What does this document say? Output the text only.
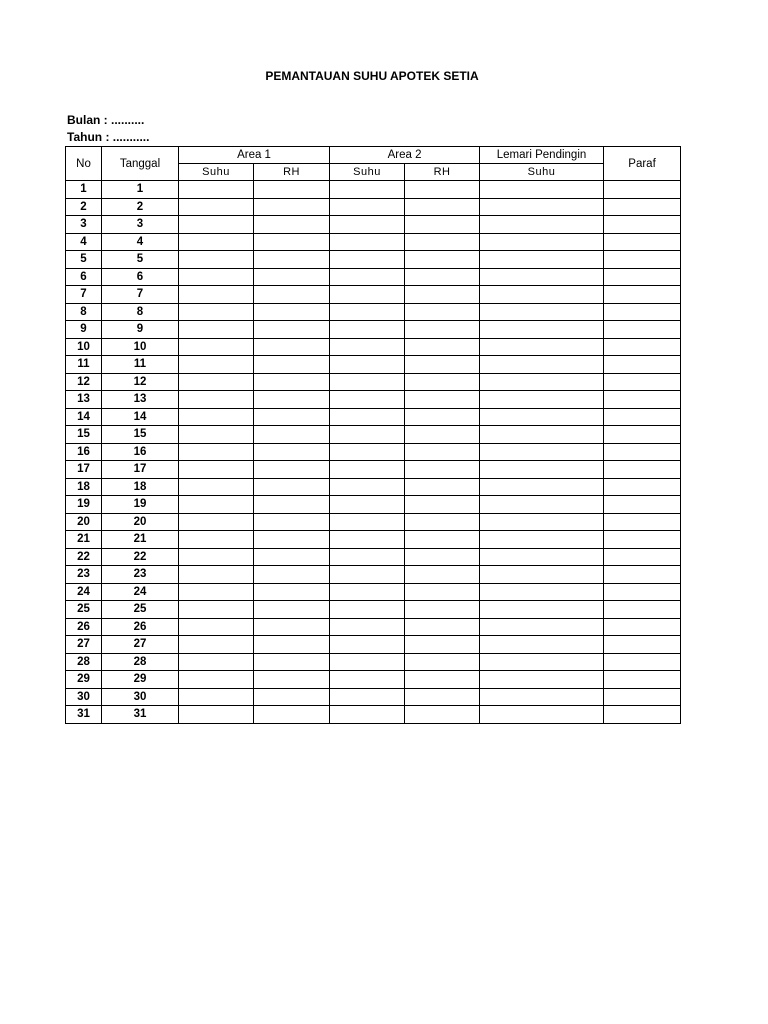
PEMANTAUAN SUHU APOTEK SETIA
Bulan : ..........
Tahun : ...........
No	Tanggal	Area 1		Area 2		Lemari Pendingin	Paraf
		Suhu	RH	Suhu	RH	Suhu	
1	1						
2	2						
3	3						
4	4						
5	5						
6	6						
7	7						
8	8						
9	9						
10	10						
11	11						
12	12						
13	13						
14	14						
15	15						
16	16						
17	17						
18	18						
19	19						
20	20						
21	21						
22	22						
23	23						
24	24						
25	25						
26	26						
27	27						
28	28						
29	29						
30	30						
31	31						
